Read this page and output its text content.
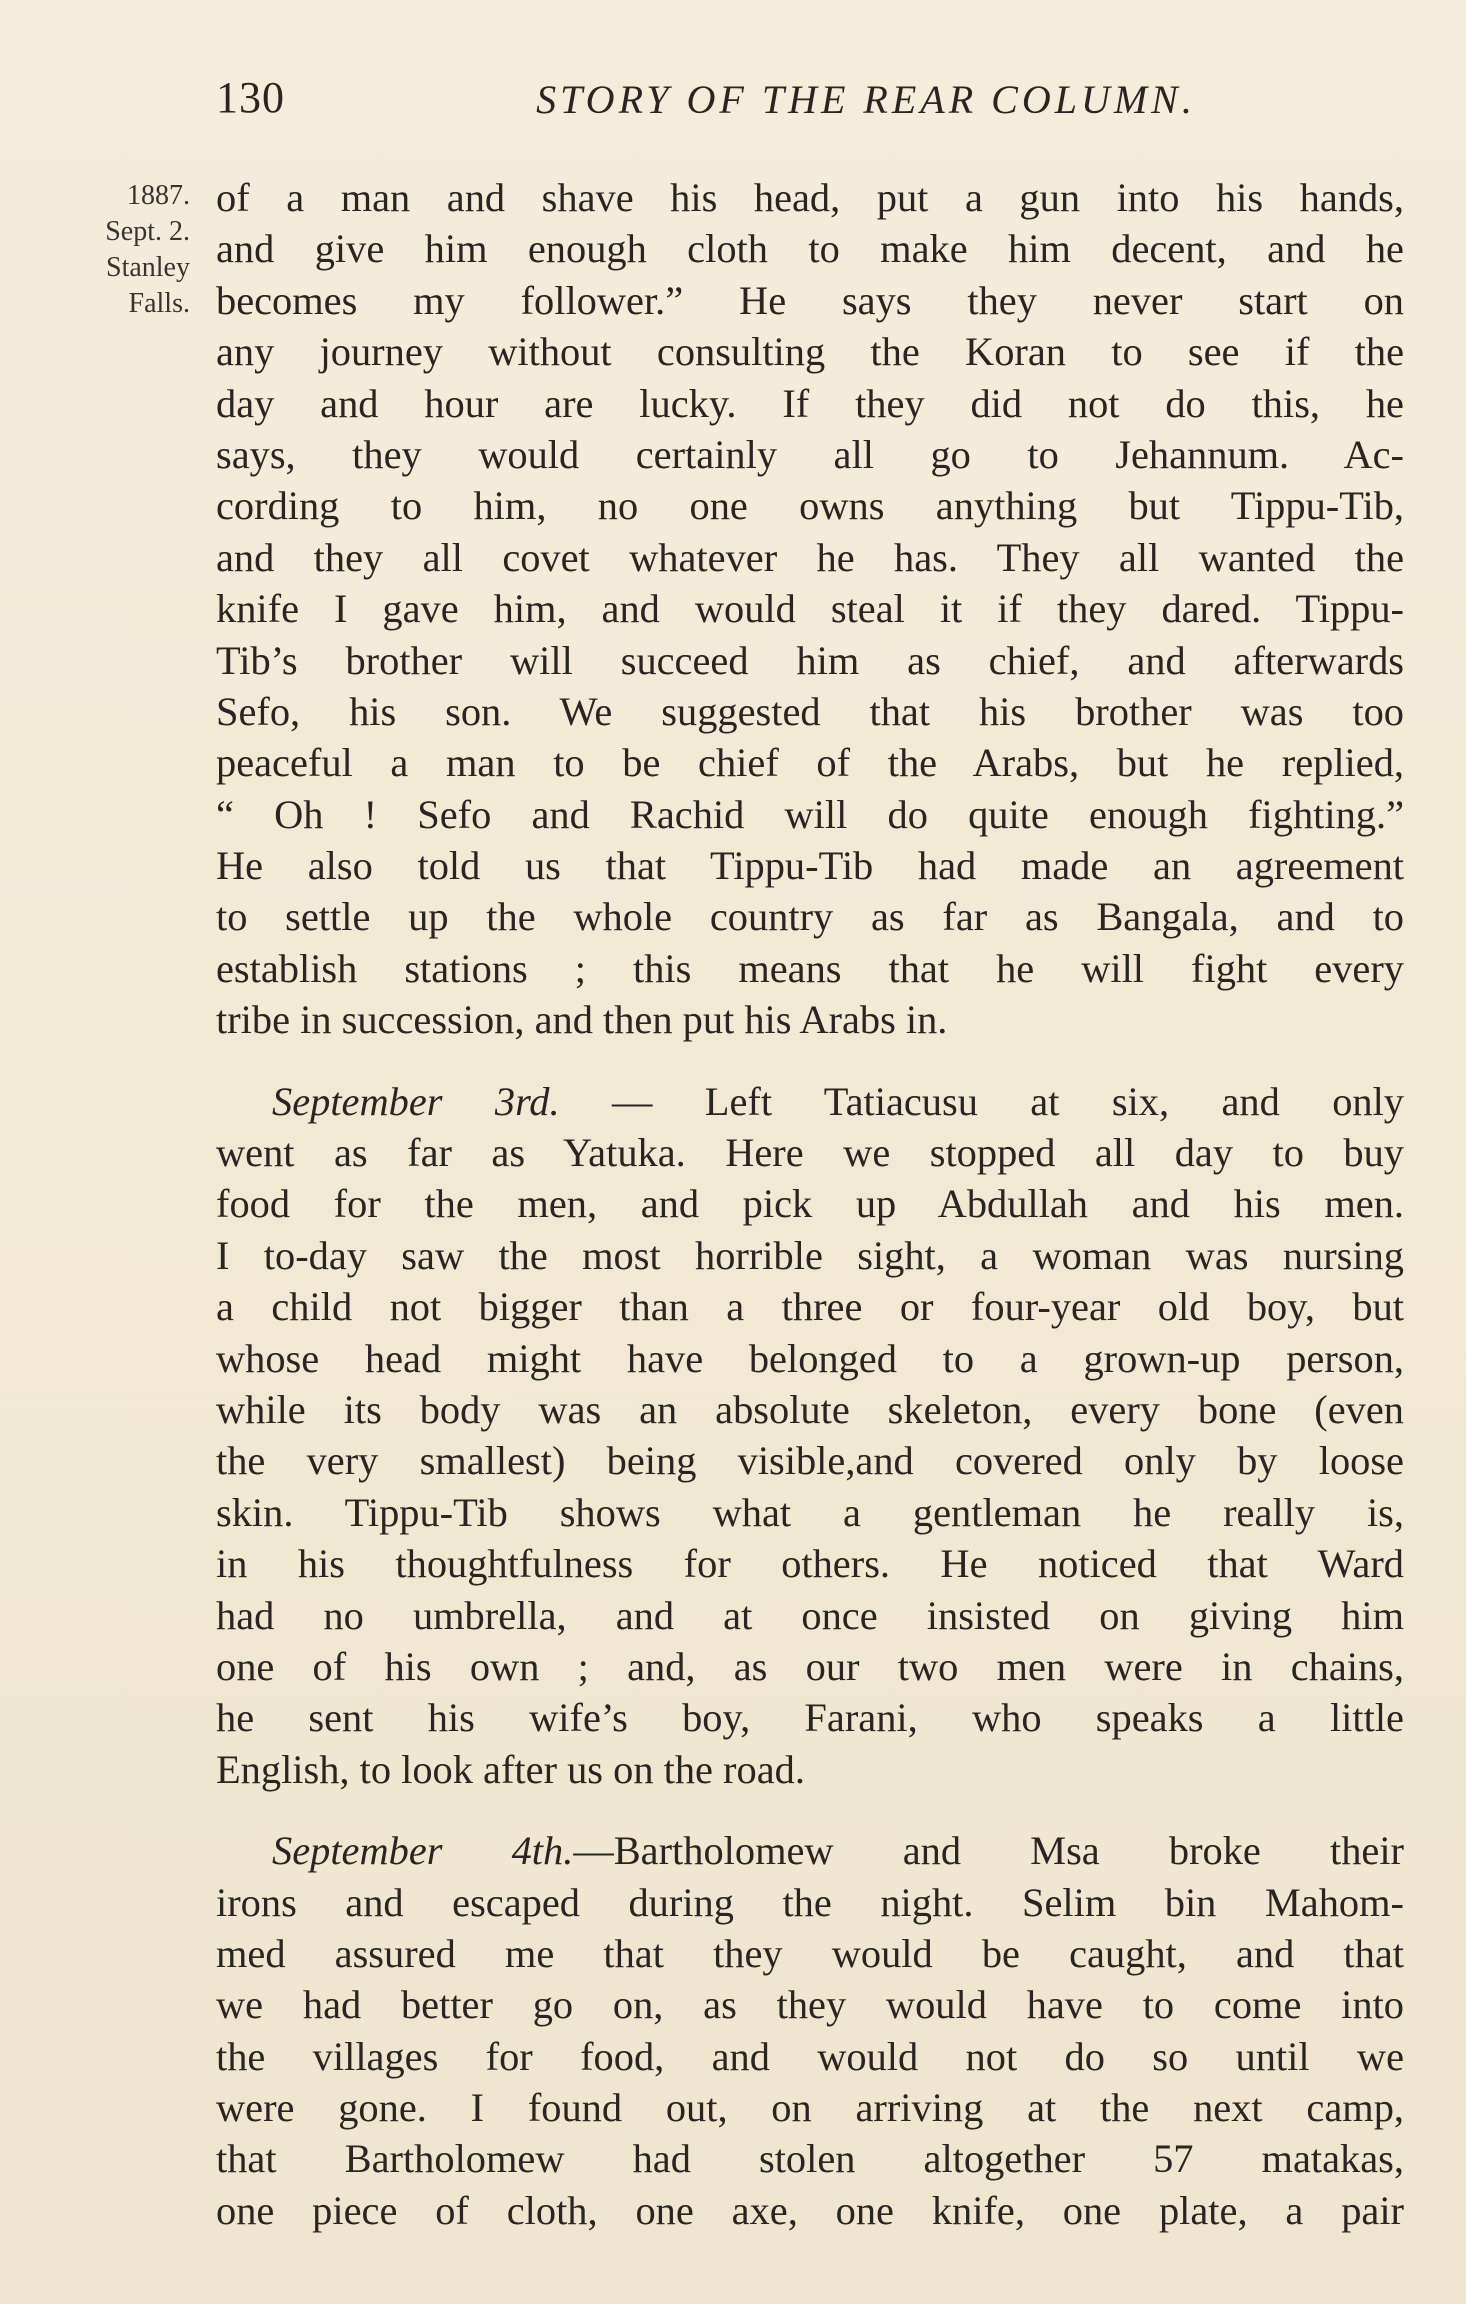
130	STORY OF THE REAR COLUMN.
1887.
Sept. 2.
Stanley
Falls.
of a man and shave his head, put a gun into his hands,
and give him enough cloth to make him decent, and he
becomes my follower.” He says they never start on
any journey without consulting the Koran to see if the
day and hour are lucky. If they did not do this, he
says, they would certainly all go to Jehannum. Ac-
cording to him, no one owns anything but Tippu-Tib,
and they all covet whatever he has. They all wanted the
knife I gave him, and would steal it if they dared. Tippu-
Tib’s brother will succeed him as chief, and afterwards
Sefo, his son. We suggested that his brother was too
peaceful a man to be chief of the Arabs, but he replied,
“ Oh ! Sefo and Rachid will do quite enough fighting.”
He also told us that Tippu-Tib had made an agreement
to settle up the whole country as far as Bangala, and to
establish stations ; this means that he will fight every
tribe in succession, and then put his Arabs in.
September 3rd. — Left Tatiacusu at six, and only
went as far as Yatuka. Here we stopped all day to buy
food for the men, and pick up Abdullah and his men.
I to-day saw the most horrible sight, a woman was nursing
a child not bigger than a three or four-year old boy, but
whose head might have belonged to a grown-up person,
while its body was an absolute skeleton, every bone (even
the very smallest) being visible,and covered only by loose
skin. Tippu-Tib shows what a gentleman he really is,
in his thoughtfulness for others. He noticed that Ward
had no umbrella, and at once insisted on giving him
one of his own ; and, as our two men were in chains,
he sent his wife’s boy, Farani, who speaks a little
English, to look after us on the road.
September 4th.—Bartholomew and Msa broke their
irons and escaped during the night. Selim bin Mahom-
med assured me that they would be caught, and that
we had better go on, as they would have to come into
the villages for food, and would not do so until we
were gone. I found out, on arriving at the next camp,
that Bartholomew had stolen altogether 57 matakas,
one piece of cloth, one axe, one knife, one plate, a pair
